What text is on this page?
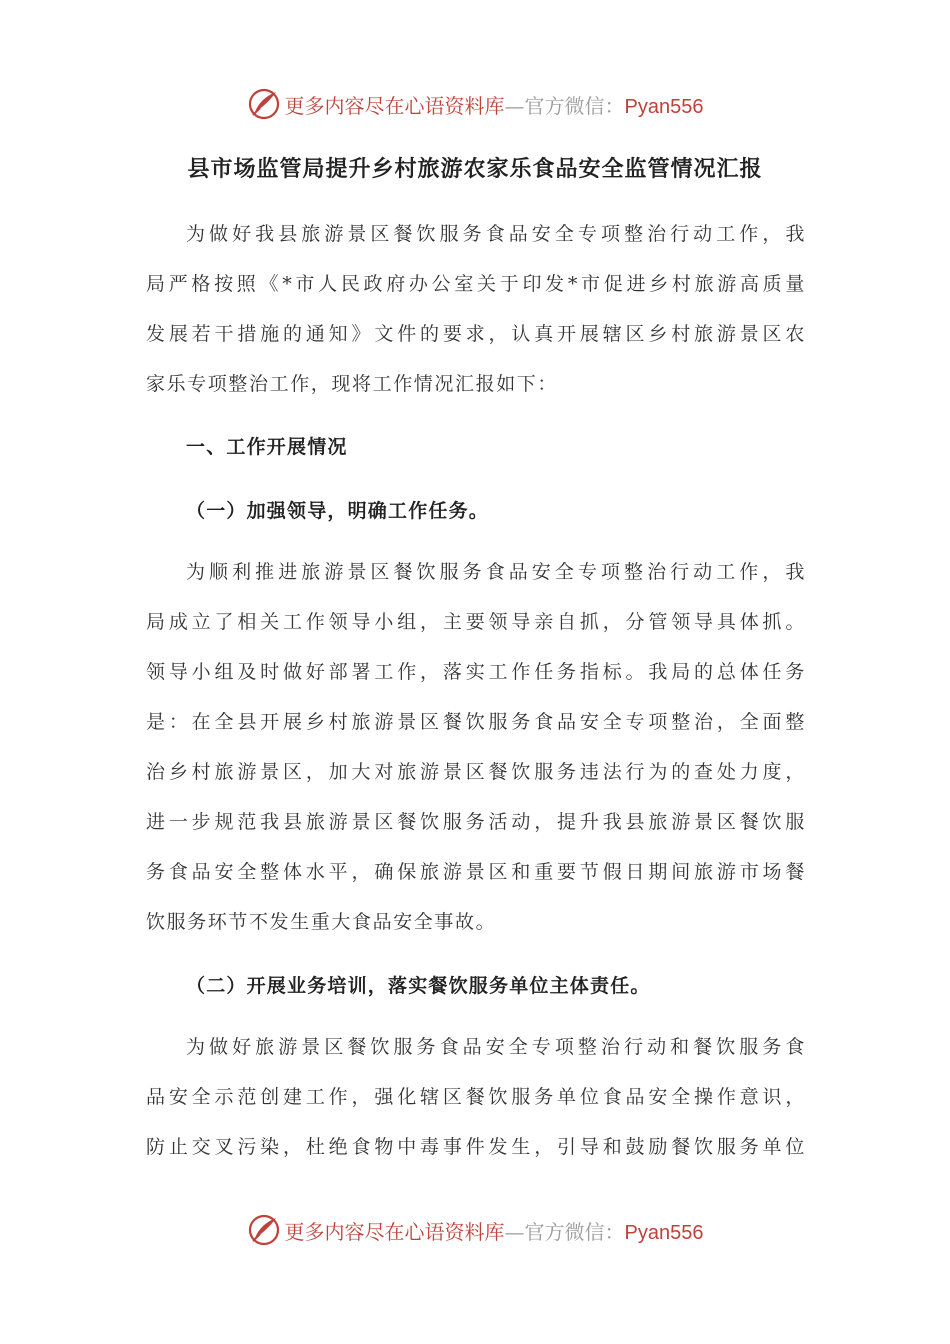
更多内容尽在心语资料库—官方微信：Pyan556
县市场监管局提升乡村旅游农家乐食品安全监管情况汇报
为做好我县旅游景区餐饮服务食品安全专项整治行动工作，我
局严格按照《*市人民政府办公室关于印发*市促进乡村旅游高质量
发展若干措施的通知》文件的要求，认真开展辖区乡村旅游景区农
家乐专项整治工作，现将工作情况汇报如下：
一、工作开展情况
（一）加强领导，明确工作任务。
为顺利推进旅游景区餐饮服务食品安全专项整治行动工作，我
局成立了相关工作领导小组，主要领导亲自抓，分管领导具体抓。
领导小组及时做好部署工作，落实工作任务指标。我局的总体任务
是：在全县开展乡村旅游景区餐饮服务食品安全专项整治，全面整
治乡村旅游景区，加大对旅游景区餐饮服务违法行为的查处力度，
进一步规范我县旅游景区餐饮服务活动，提升我县旅游景区餐饮服
务食品安全整体水平，确保旅游景区和重要节假日期间旅游市场餐
饮服务环节不发生重大食品安全事故。
（二）开展业务培训，落实餐饮服务单位主体责任。
为做好旅游景区餐饮服务食品安全专项整治行动和餐饮服务食
品安全示范创建工作，强化辖区餐饮服务单位食品安全操作意识，
防止交叉污染，杜绝食物中毒事件发生，引导和鼓励餐饮服务单位
更多内容尽在心语资料库—官方微信：Pyan556
